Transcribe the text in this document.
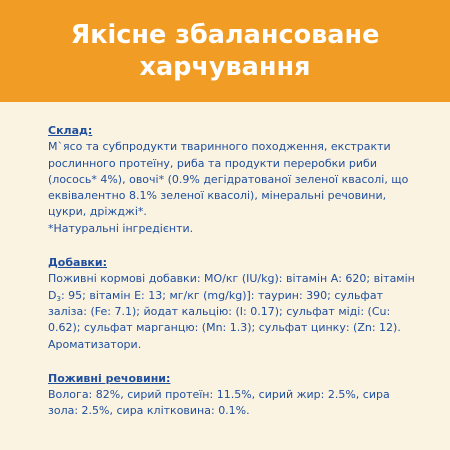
Якісне збалансоване
харчування

Склад:

М`ясо та субпродукти тваринного походження, екстракти рослинного протеїну, риба та продукти переробки риби (лосось* 4%), овочі* (0.9% дегідратованої зеленої квасолі, що еквівалентно 8.1% зеленої квасолі), мінеральні речовини, цукри, дріжджі*.

*Натуральні інгредієнти.

Добавки:

Поживні кормові добавки: МО/кг (IU/kg): вітамін А: 620; вітамін $D_3$: 95; вітамін Е: 13; мг/кг (mg/kg)]: таурин: 390; сульфат заліза: (Fe: 7.1); йодат кальцію: (I: 0.17); сульфат міді: (Cu: 0.62); сульфат марганцю: (Mn: 1.3); сульфат цинку: (Zn: 12). Ароматизатори.

Поживні речовини:

Волога: 82%, сирий протеїн: 11.5%, сирий жир: 2.5%, сира зола: 2.5%, сира клітковина: 0.1%.
